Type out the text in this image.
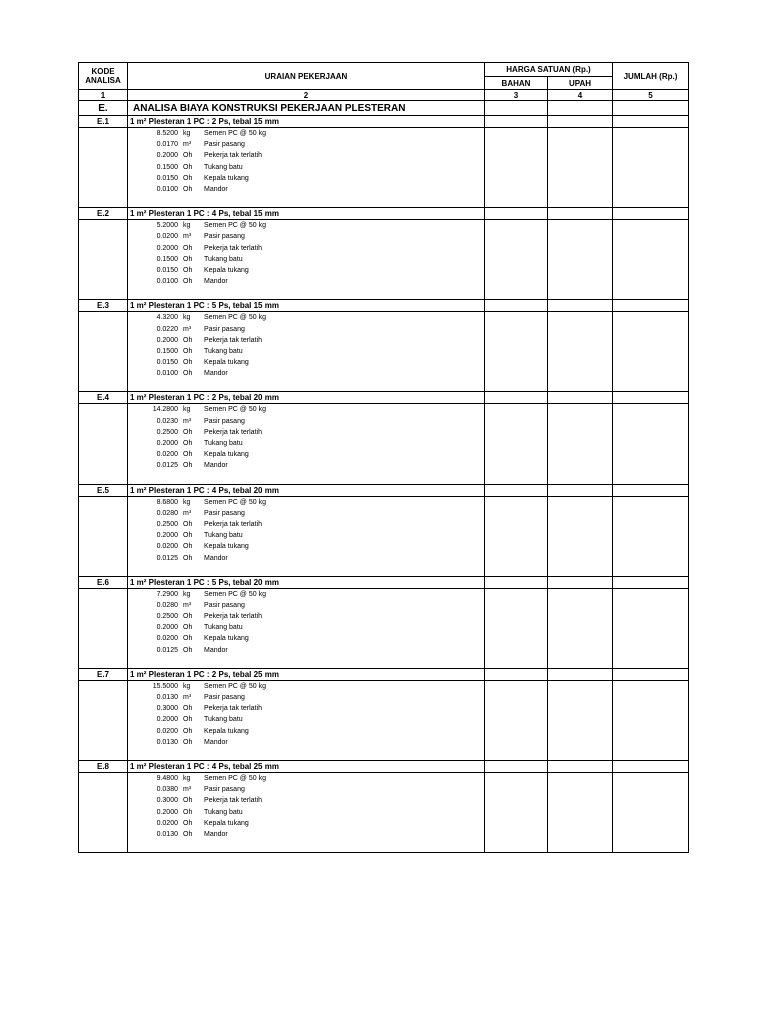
KODE
ANALISA	URAIAN PEKERJAAN	HARGA SATUAN (Rp.)		JUMLAH (Rp.)
		BAHAN	UPAH	
1	2	3	4	5
E.	ANALISA BIAYA KONSTRUKSI PEKERJAAN PLESTERAN			
E.1	1 m² Plesteran 1 PC : 2 Ps, tebal 15 mm			
	8.5200 kg Semen PC @ 50 kg			
	0.0170 m³ Pasir pasang			
	0.2000 Oh Pekerja tak terlatih			
	0.1500 Oh Tukang batu			
	0.0150 Oh Kepala tukang			
	0.0100 Oh Mandor			

E.2	1 m² Plesteran 1 PC : 4 Ps, tebal 15 mm			
	5.2000 kg Semen PC @ 50 kg			
	0.0200 m³ Pasir pasang			
	0.2000 OhPekerja tak terlatih			
	0.1500 Oh Tukang batu			
	0.0150 Oh Kepala tukang			
	0.0100 Oh Mandor			

E.3	1 m² Plesteran 1 PC : 5 Ps, tebal 15 mm			
	4.3200 kg Semen PC @ 50 kg			
	0.0220 m³ Pasir pasang			
	0.2000 Oh Pekerja tak terlatih			
	0.1500 Oh Tukang batu			
	0.0150 Oh Kepala tukang			
	0.0100 Oh Mandor			

E.4	1 m² Plesteran 1 PC : 2 Ps, tebal 20 mm			
	14.2800 kg Semen PC @ 50 kg			
	0.0230 m³ Pasir pasang			
	0.2500 Oh Pekerja tak terlatih			
	0.2000 Oh Tukang batu			
	0.0200 Oh Kepala tukang			
	0.0125 Oh Mandor			

E.5	1 m² Plesteran 1 PC : 4 Ps, tebal 20 mm			
	8.6800 kg Semen PC @ 50 kg			
	0.0280 m³ Pasir pasang			
	0.2500 Oh Pekerja tak terlatih			
	0.2000 Oh Tukang batu			
	0.0200 Oh Kepala tukang			
	0.0125 Oh Mandor			

E.6	1 m² Plesteran 1 PC : 5 Ps, tebal 20 mm			
	7.2900 kg Semen PC @ 50 kg			
	0.0280 m³ Pasir pasang			
	0.2500 Oh Pekerja tak terlatih			
	0.2000 Oh Tukang batu			
	0.0200 Oh Kepala tukang			
	0.0125 Oh Mandor			

E.7	1 m² Plesteran 1 PC : 2 Ps, tebal 25 mm			
	15.5000 kg Semen PC @ 50 kg			
	0.0130 m³ Pasir pasang			
	0.3000 Oh Pekerja tak terlatih			
	0.2000 Oh Tukang batu			
	0.0200 Oh Kepala tukang			
	0.0130 Oh Mandor			

E.8	1 m² Plesteran 1 PC : 4 Ps, tebal 25 mm			
	9.4800 kg Semen PC @ 50 kg			
	0.0380 m³ Pasir pasang			
	0.3000 Oh Pekerja tak terlatih			
	0.2000 Oh Tukang batu			
	0.0200 Oh Kepala tukang			
	0.0130 Oh Mandor			
